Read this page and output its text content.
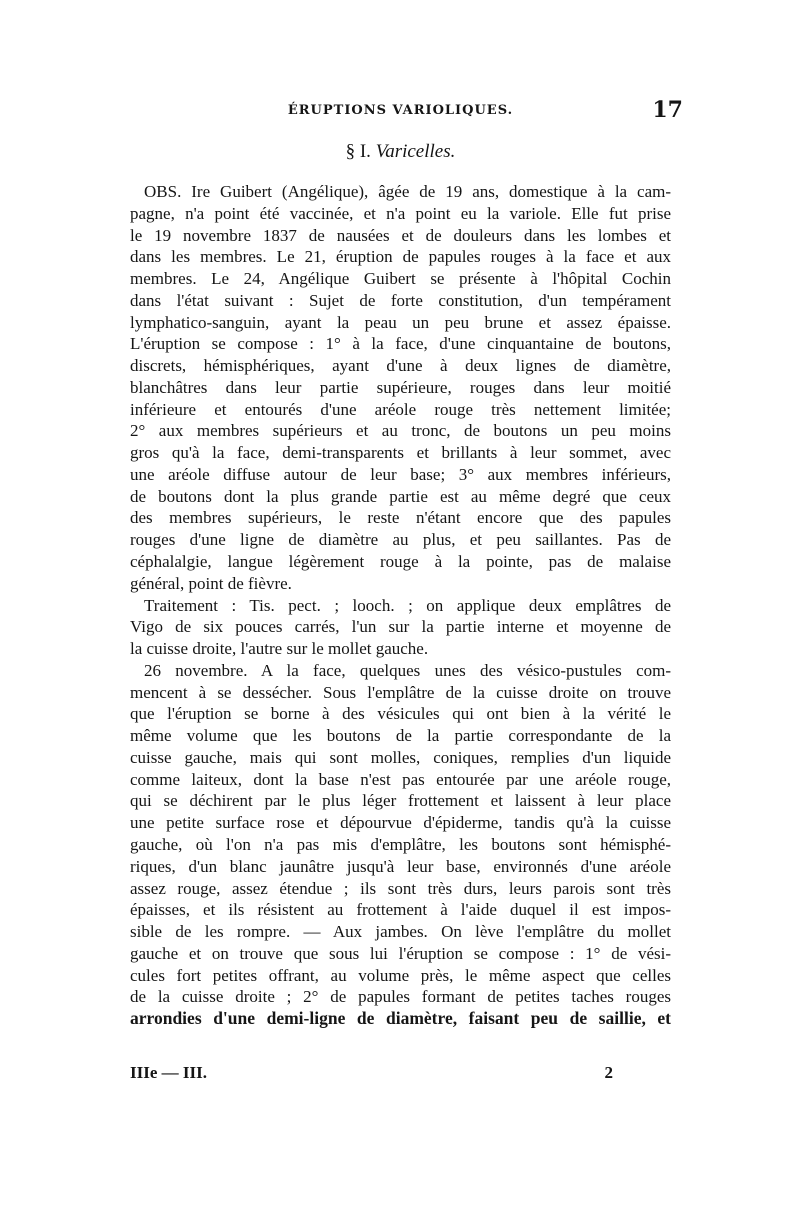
ÉRUPTIONS VARIOLIQUES.	17
§ I. Varicelles.
OBS. Ire Guibert (Angélique), âgée de 19 ans, domestique à la cam-
pagne, n'a point été vaccinée, et n'a point eu la variole. Elle fut prise
le 19 novembre 1837 de nausées et de douleurs dans les lombes et
dans les membres. Le 21, éruption de papules rouges à la face et aux
membres. Le 24, Angélique Guibert se présente à l'hôpital Cochin
dans l'état suivant : Sujet de forte constitution, d'un tempérament
lymphatico-sanguin, ayant la peau un peu brune et assez épaisse.
L'éruption se compose : 1° à la face, d'une cinquantaine de boutons,
discrets, hémisphériques, ayant d'une à deux lignes de diamètre,
blanchâtres dans leur partie supérieure, rouges dans leur moitié
inférieure et entourés d'une aréole rouge très nettement limitée;
2° aux membres supérieurs et au tronc, de boutons un peu moins
gros qu'à la face, demi-transparents et brillants à leur sommet, avec
une aréole diffuse autour de leur base; 3° aux membres inférieurs,
de boutons dont la plus grande partie est au même degré que ceux
des membres supérieurs, le reste n'étant encore que des papules
rouges d'une ligne de diamètre au plus, et peu saillantes. Pas de
céphalalgie, langue légèrement rouge à la pointe, pas de malaise
général, point de fièvre.
Traitement : Tis. pect. ; looch. ; on applique deux emplâtres de
Vigo de six pouces carrés, l'un sur la partie interne et moyenne de
la cuisse droite, l'autre sur le mollet gauche.
26 novembre. A la face, quelques unes des vésico-pustules com-
mencent à se dessécher. Sous l'emplâtre de la cuisse droite on trouve
que l'éruption se borne à des vésicules qui ont bien à la vérité le
même volume que les boutons de la partie correspondante de la
cuisse gauche, mais qui sont molles, coniques, remplies d'un liquide
comme laiteux, dont la base n'est pas entourée par une aréole rouge,
qui se déchirent par le plus léger frottement et laissent à leur place
une petite surface rose et dépourvue d'épiderme, tandis qu'à la cuisse
gauche, où l'on n'a pas mis d'emplâtre, les boutons sont hémisphé-
riques, d'un blanc jaunâtre jusqu'à leur base, environnés d'une aréole
assez rouge, assez étendue ; ils sont très durs, leurs parois sont très
épaisses, et ils résistent au frottement à l'aide duquel il est impos-
sible de les rompre. — Aux jambes. On lève l'emplâtre du mollet
gauche et on trouve que sous lui l'éruption se compose : 1° de vési-
cules fort petites offrant, au volume près, le même aspect que celles
de la cuisse droite ; 2° de papules formant de petites taches rouges
arrondies d'une demi-ligne de diamètre, faisant peu de saillie, et
IIIe — III.	2
